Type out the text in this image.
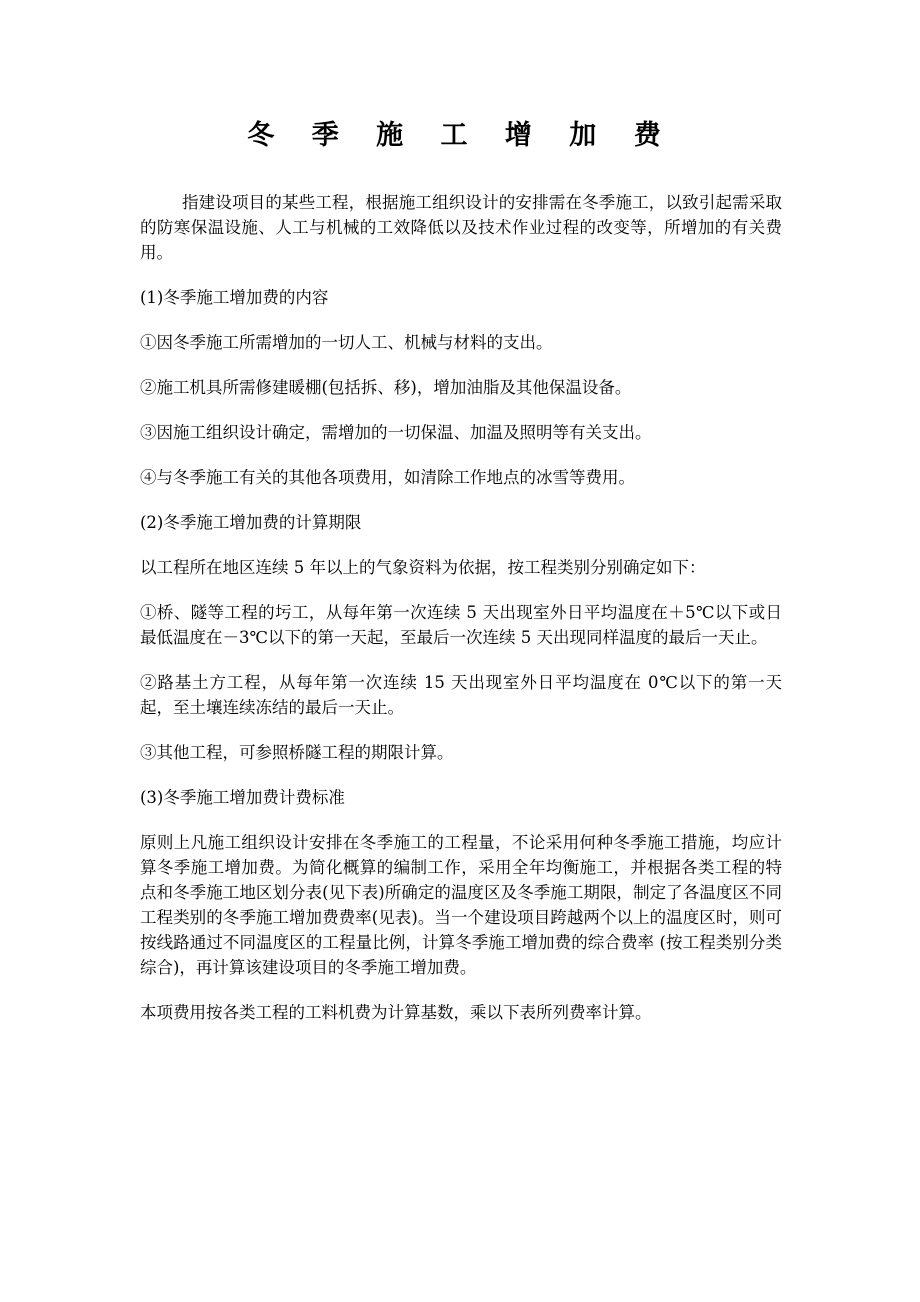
冬 季 施 工 增 加 费

指建设项目的某些工程，根据施工组织设计的安排需在冬季施工，以致引起需采取的防寒保温设施、人工与机械的工效降低以及技术作业过程的改变等，所增加的有关费用。

(1)冬季施工增加费的内容

①因冬季施工所需增加的一切人工、机械与材料的支出。

②施工机具所需修建暖棚(包括拆、移)，增加油脂及其他保温设备。

③因施工组织设计确定，需增加的一切保温、加温及照明等有关支出。

④与冬季施工有关的其他各项费用，如清除工作地点的冰雪等费用。

(2)冬季施工增加费的计算期限

以工程所在地区连续 5 年以上的气象资料为依据，按工程类别分别确定如下：

①桥、隧等工程的圬工，从每年第一次连续 5 天出现室外日平均温度在＋5℃以下或日最低温度在－3℃以下的第一天起，至最后一次连续 5 天出现同样温度的最后一天止。

②路基土方工程，从每年第一次连续 15 天出现室外日平均温度在 0℃以下的第一天起，至土壤连续冻结的最后一天止。

③其他工程，可参照桥隧工程的期限计算。

(3)冬季施工增加费计费标准

原则上凡施工组织设计安排在冬季施工的工程量，不论采用何种冬季施工措施，均应计算冬季施工增加费。为简化概算的编制工作，采用全年均衡施工，并根据各类工程的特点和冬季施工地区划分表(见下表)所确定的温度区及冬季施工期限，制定了各温度区不同工程类别的冬季施工增加费费率(见表)。当一个建设项目跨越两个以上的温度区时，则可按线路通过不同温度区的工程量比例，计算冬季施工增加费的综合费率 (按工程类别分类综合)，再计算该建设项目的冬季施工增加费。

本项费用按各类工程的工料机费为计算基数，乘以下表所列费率计算。
